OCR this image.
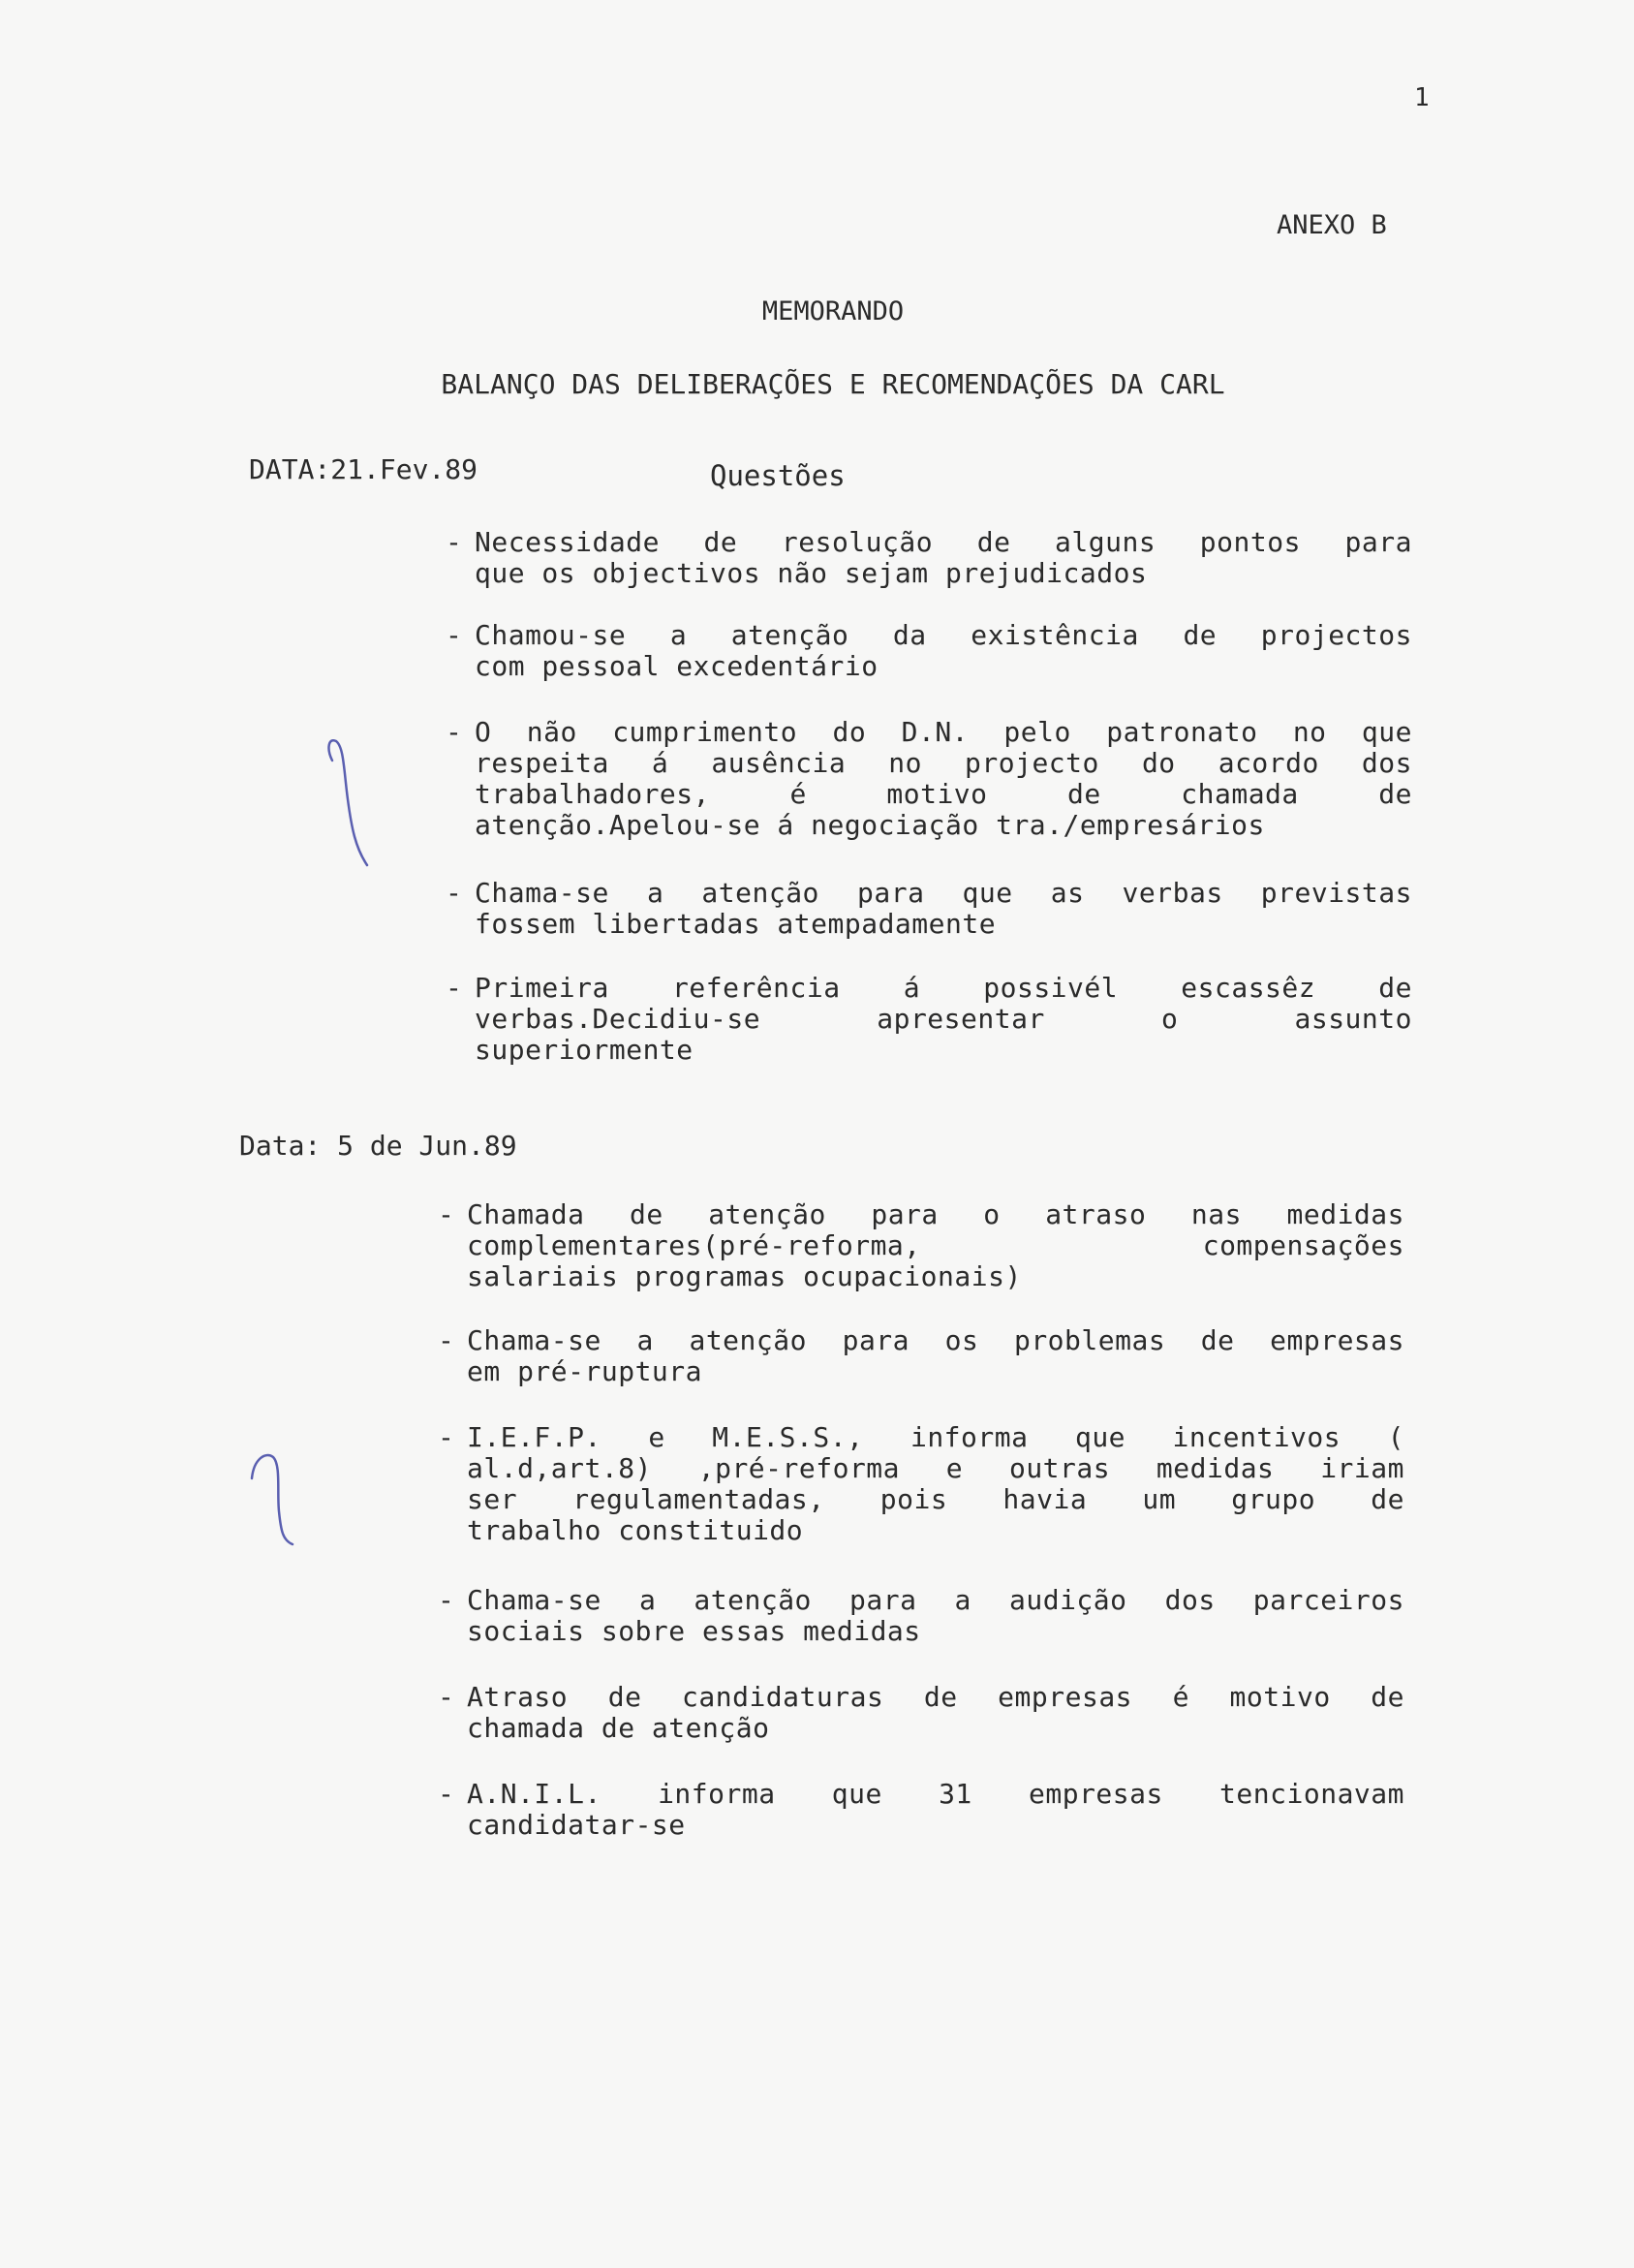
1
ANEXO B
MEMORANDO
BALANÇO DAS DELIBERAÇÕES E RECOMENDAÇÕES DA CARL
DATA:21.Fev.89	Questões
- Necessidade de resolução de alguns pontos para
que os objectivos não sejam prejudicados
- Chamou-se a atenção da existência de projectos
com pessoal excedentário
- O não cumprimento do D.N. pelo patronato no que
respeita á ausência no projecto do acordo dos
trabalhadores, é motivo de chamada de
atenção.Apelou-se á negociação tra./empresários
- Chama-se a atenção para que as verbas previstas
fossem libertadas atempadamente
- Primeira referência á possivél escassêz de
verbas.Decidiu-se apresentar o assunto
superiormente
Data: 5 de Jun.89
- Chamada de atenção para o atraso nas medidas
complementares(pré-reforma, compensações
salariais programas ocupacionais)
- Chama-se a atenção para os problemas de empresas
em pré-ruptura
- I.E.F.P. e M.E.S.S., informa que incentivos (
al.d,art.8) ,pré-reforma e outras medidas iriam
ser regulamentadas, pois havia um grupo de
trabalho constituido
- Chama-se a atenção para a audição dos parceiros
sociais sobre essas medidas
- Atraso de candidaturas de empresas é motivo de
chamada de atenção
- A.N.I.L. informa que 31 empresas tencionavam
candidatar-se
